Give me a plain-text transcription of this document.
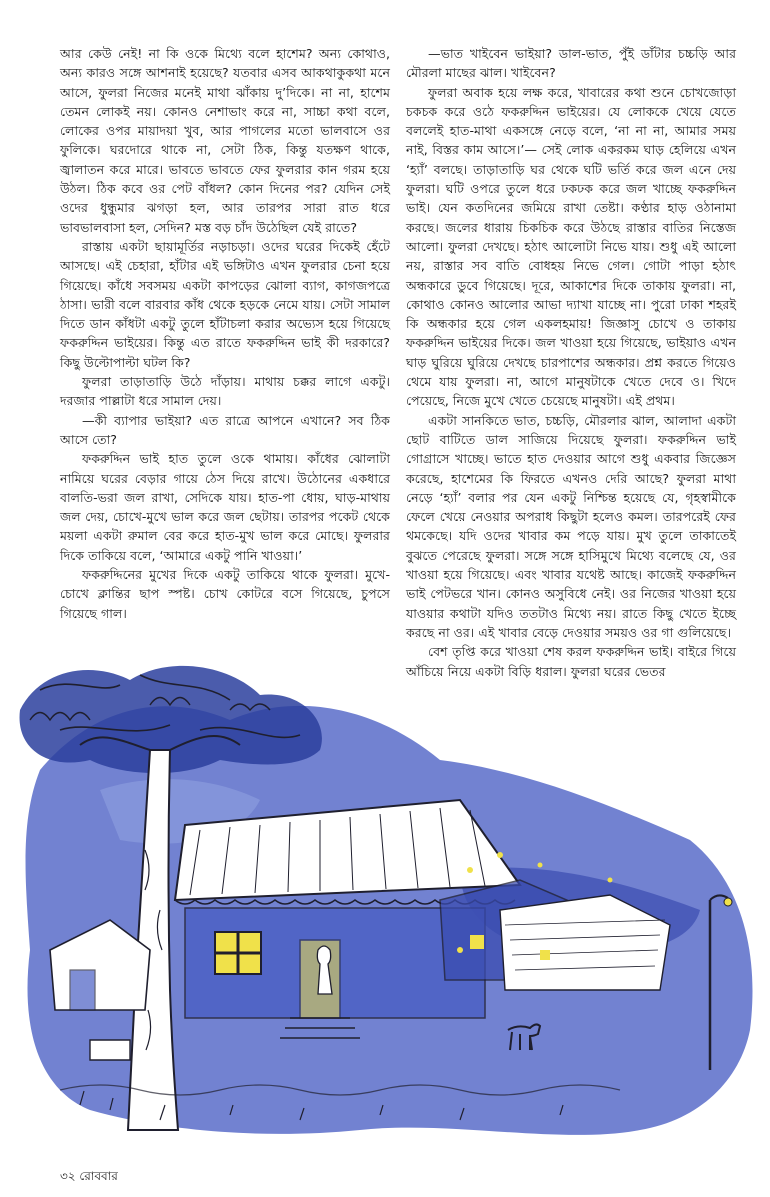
আর কেউ নেই! না কি ওকে মিথ্যে বলে হাশেম? অন্য কোথাও, অন্য কারও সঙ্গে আশনাই হয়েছে? যতবার এসব আকথাকুকথা মনে আসে, ফুলরা নিজের মনেই মাথা ঝাঁকায় দু’দিকে। না না, হাশেম তেমন লোকই নয়। কোনও নেশাভাং করে না, সাচ্চা কথা বলে, লোকের ওপর মায়াদয়া খুব, আর পাগলের মতো ভালবাসে ওর ফুলিকে। ঘরদোরে থাকে না, সেটা ঠিক, কিন্তু যতক্ষণ থাকে, জ্বালাতন করে মারে। ভাবতে ভাবতে ফের ফুলরার কান গরম হয়ে উঠল। ঠিক কবে ওর পেট বাঁধল? কোন দিনের পর? যেদিন সেই ওদের ধুন্ধুমার ঝগড়া হল, আর তারপর সারা রাত ধরে ভাবভালবাসা হল, সেদিন? মস্ত বড় চাঁদ উঠেছিল যেই রাতে?

রাস্তায় একটা ছায়ামূর্তির নড়াচড়া। ওদের ঘরের দিকেই হেঁটে আসছে। এই চেহারা, হাঁটার এই ভঙ্গিটাও এখন ফুলরার চেনা হয়ে গিয়েছে। কাঁধে সবসময় একটা কাপড়ের ঝোলা ব্যাগ, কাগজপত্রে ঠাসা। ভারী বলে বারবার কাঁধ থেকে হড়কে নেমে যায়। সেটা সামাল দিতে ডান কাঁধটা একটু তুলে হাঁটাচলা করার অভ্যেস হয়ে গিয়েছে ফকরুদ্দিন ভাইয়ের। কিন্তু এত রাতে ফকরুদ্দিন ভাই কী দরকারে? কিছু উল্টোপাল্টা ঘটল কি?

ফুলরা তাড়াতাড়ি উঠে দাঁড়ায়। মাথায় চক্কর লাগে একটু। দরজার পাল্লাটা ধরে সামাল দেয়।

—কী ব্যাপার ভাইয়া? এত রাত্রে আপনে এখানে? সব ঠিক আসে তো?

ফকরুদ্দিন ভাই হাত তুলে ওকে থামায়। কাঁধের ঝোলাটা নামিয়ে ঘরের বেড়ার গায়ে ঠেস দিয়ে রাখে। উঠোনের একধারে বালতি-ভরা জল রাখা, সেদিকে যায়। হাত-পা ধোয়, ঘাড়-মাথায় জল দেয়, চোখে-মুখে ভাল করে জল ছেটায়। তারপর পকেট থেকে ময়লা একটা রুমাল বের করে হাত-মুখ ভাল করে মোছে। ফুলরার দিকে তাকিয়ে বলে, ‘আমারে একটু পানি খাওয়া।’

ফকরুদ্দিনের মুখের দিকে একটু তাকিয়ে থাকে ফুলরা। মুখে-চোখে ক্লান্তির ছাপ স্পষ্ট। চোখ কোটরে বসে গিয়েছে, চুপসে গিয়েছে গাল।

—ভাত খাইবেন ভাইয়া? ডাল-ভাত, পুঁই ডাঁটার চচ্চড়ি আর মৌরলা মাছের ঝাল। খাইবেন?

ফুলরা অবাক হয়ে লক্ষ করে, খাবারের কথা শুনে চোখজোড়া চকচক করে ওঠে ফকরুদ্দিন ভাইয়ের। যে লোককে খেয়ে যেতে বললেই হাত-মাথা একসঙ্গে নেড়ে বলে, ‘না না না, আমার সময় নাই, বিস্তর কাম আসে।’— সেই লোক একরকম ঘাড় হেলিয়ে এখন ‘হ্যাঁ’ বলছে। তাড়াতাড়ি ঘর থেকে ঘটি ভর্তি করে জল এনে দেয় ফুলরা। ঘটি ওপরে তুলে ধরে ঢকঢক করে জল খাচ্ছে ফকরুদ্দিন ভাই। যেন কতদিনের জমিয়ে রাখা তেষ্টা। কণ্ঠার হাড় ওঠানামা করছে। জলের ধারায় চিকচিক করে উঠছে রাস্তার বাতির নিস্তেজ আলো। ফুলরা দেখছে। হঠাৎ আলোটা নিভে যায়। শুধু এই আলো নয়, রাস্তার সব বাতি বোধহয় নিভে গেল। গোটা পাড়া হঠাৎ অন্ধকারে ডুবে গিয়েছে। দূরে, আকাশের দিকে তাকায় ফুলরা। না, কোথাও কোনও আলোর আভা দ্যাখা যাচ্ছে না। পুরো ঢাকা শহরই কি অন্ধকার হয়ে গেল একলহমায়! জিজ্ঞাসু চোখে ও তাকায় ফকরুদ্দিন ভাইয়ের দিকে। জল খাওয়া হয়ে গিয়েছে, ভাইয়াও এখন ঘাড় ঘুরিয়ে ঘুরিয়ে দেখছে চারপাশের অন্ধকার। প্রশ্ন করতে গিয়েও থেমে যায় ফুলরা। না, আগে মানুষটাকে খেতে দেবে ও। খিদে পেয়েছে, নিজে মুখে খেতে চেয়েছে মানুষটা। এই প্রথম।

একটা সানকিতে ভাত, চচ্চড়ি, মৌরলার ঝাল, আলাদা একটা ছোট বাটিতে ডাল সাজিয়ে দিয়েছে ফুলরা। ফকরুদ্দিন ভাই গোগ্রাসে খাচ্ছে। ভাতে হাত দেওয়ার আগে শুধু একবার জিজ্ঞেস করেছে, হাশেমের কি ফিরতে এখনও দেরি আছে? ফুলরা মাথা নেড়ে ‘হ্যাঁ’ বলার পর যেন একটু নিশ্চিন্ত হয়েছে যে, গৃহস্বামীকে ফেলে খেয়ে নেওয়ার অপরাধ কিছুটা হলেও কমল। তারপরেই ফের থমকেছে। যদি ওদের খাবার কম পড়ে যায়। মুখ তুলে তাকাতেই বুঝতে পেরেছে ফুলরা। সঙ্গে সঙ্গে হাসিমুখে মিথ্যে বলেছে যে, ওর খাওয়া হয়ে গিয়েছে। এবং খাবার যথেষ্ট আছে। কাজেই ফকরুদ্দিন ভাই পেটভরে খান। কোনও অসুবিধে নেই। ওর নিজের খাওয়া হয়ে যাওয়ার কথাটা যদিও ততটাও মিথ্যে নয়। রাতে কিছু খেতে ইচ্ছে করছে না ওর। এই খাবার বেড়ে দেওয়ার সময়ও ওর গা গুলিয়েছে।

বেশ তৃপ্তি করে খাওয়া শেষ করল ফকরুদ্দিন ভাই। বাইরে গিয়ে আঁচিয়ে নিয়ে একটা বিড়ি ধরাল। ফুলরা ঘরের ভেতর

৩২ রোববার
